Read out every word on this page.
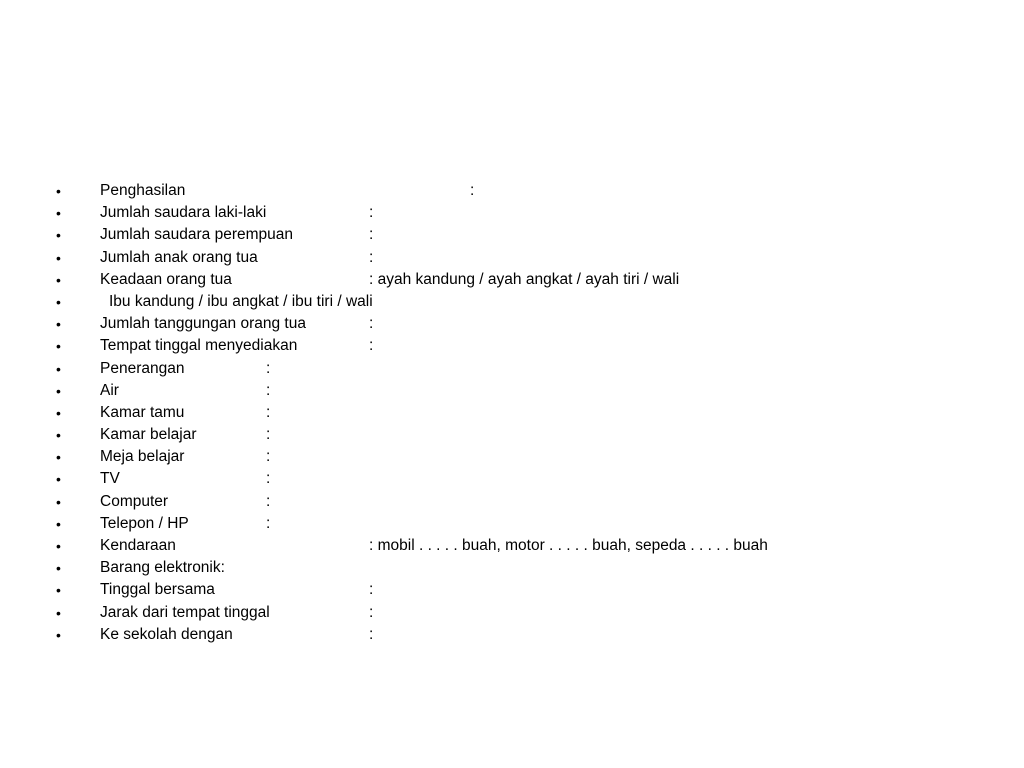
•	Penghasilan	:
•	Jumlah saudara laki-laki	:
•	Jumlah saudara perempuan	:
•	Jumlah anak orang tua	:
•	Keadaan orang tua	: ayah kandung / ayah angkat / ayah tiri / wali
•	Ibu kandung / ibu angkat / ibu tiri / wali
•	Jumlah tanggungan orang tua	:
•	Tempat tinggal menyediakan	:
•	Penerangan	:
•	Air	:
•	Kamar tamu	:
•	Kamar belajar	:
•	Meja belajar	:
•	TV	:
•	Computer	:
•	Telepon / HP	:
•	Kendaraan	: mobil . . . . . buah, motor . . . . . buah, sepeda . . . . . buah
•	Barang elektronik:
•	Tinggal bersama	:
•	Jarak dari tempat tinggal	:
•	Ke sekolah dengan	:
